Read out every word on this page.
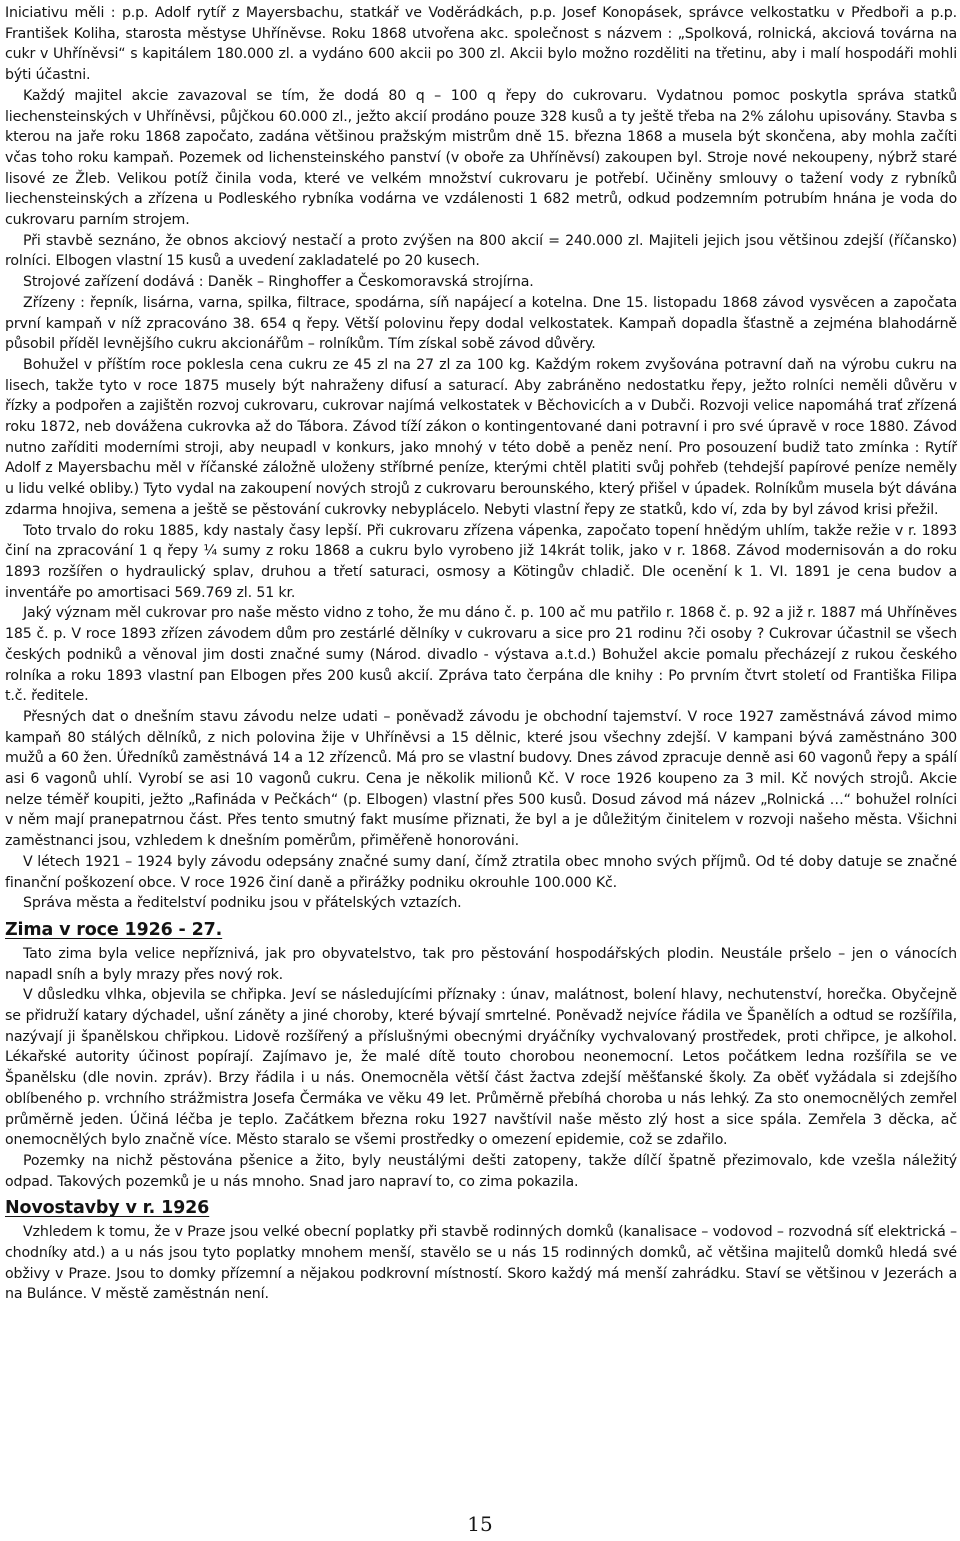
Iniciativu měli : p.p. Adolf rytíř z Mayersbachu, statkář ve Voděrádkách, p.p. Josef Konopásek, správce velkostatku v Předboři a p.p. František Koliha, starosta městyse Uhříněvse. Roku 1868 utvořena akc. společnost s názvem : „Spolková, rolnická, akciová továrna na cukr v Uhříněvsi“ s kapitálem 180.000 zl. a vydáno 600 akcii po 300 zl. Akcii bylo možno rozděliti na třetinu, aby i malí hospodáři mohli býti účastni.

Každý majitel akcie zavazoval se tím, že dodá 80 q – 100 q řepy do cukrovaru. Vydatnou pomoc poskytla správa statků liechensteinských v Uhříněvsi, půjčkou 60.000 zl., ježto akcií prodáno pouze 328 kusů a ty ještě třeba na 2% zálohu upisovány. Stavba s kterou na jaře roku 1868 započato, zadána většinou pražským mistrům dně 15. března 1868 a musela být skončena, aby mohla začíti včas toho roku kampaň. Pozemek od lichensteinského panství (v oboře za Uhříněvsí) zakoupen byl. Stroje nové nekoupeny, nýbrž staré lisové ze Žleb. Velikou potíž činila voda, které ve velkém množství cukrovaru je potřebí. Učiněny smlouvy o tažení vody z rybníků liechensteinských a zřízena u Podleského rybníka vodárna ve vzdálenosti 1 682 metrů, odkud podzemním potrubím hnána je voda do cukrovaru parním strojem.

Při stavbě seznáno, že obnos akciový nestačí a proto zvýšen na 800 akcií = 240.000 zl. Majiteli jejich jsou většinou zdejší (říčansko) rolníci. Elbogen vlastní 15 kusů a uvedení zakladatelé po 20 kusech.

Strojové zařízení dodává : Daněk – Ringhoffer a Českomoravská strojírna.

Zřízeny : řepník, lisárna, varna, spilka, filtrace, spodárna, síň napájecí a kotelna. Dne 15. listopadu 1868 závod vysvěcen a započata první kampaň v níž zpracováno 38. 654 q řepy. Větší polovinu řepy dodal velkostatek. Kampaň dopadla šťastně a zejména blahodárně působil příděl levnějšího cukru akcionářům – rolníkům. Tím získal sobě závod důvěry.

Bohužel v příštím roce poklesla cena cukru ze 45 zl na 27 zl za 100 kg. Každým rokem zvyšována potravní daň na výrobu cukru na lisech, takže tyto v roce 1875 musely být nahraženy difusí a saturací. Aby zabráněno nedostatku řepy, ježto rolníci neměli důvěru v řízky a podpořen a zajištěn rozvoj cukrovaru, cukrovar najímá velkostatek v Běchovicích a v Dubči. Rozvoji velice napomáhá trať zřízená roku 1872, neb dovážena cukrovka až do Tábora. Závod tíží zákon o kontingentované dani potravní i pro své úpravě v roce 1880. Závod nutno zaříditi moderními stroji, aby neupadl v konkurs, jako mnohý v této době a peněz není. Pro posouzení budiž tato zmínka : Rytíř Adolf z Mayersbachu měl v říčanské záložně uloženy stříbrné peníze, kterými chtěl platiti svůj pohřeb (tehdejší papírové peníze neměly u lidu velké obliby.) Tyto vydal na zakoupení nových strojů z cukrovaru berounského, který přišel v úpadek. Rolníkům musela být dávána zdarma hnojiva, semena a ještě se pěstování cukrovky nebyplácelo. Nebyti vlastní řepy ze statků, kdo ví, zda by byl závod krisi přežil.

Toto trvalo do roku 1885, kdy nastaly časy lepší. Při cukrovaru zřízena vápenka, započato topení hnědým uhlím, takže režie v r. 1893 činí na zpracování 1 q řepy ¼ sumy z roku 1868 a cukru bylo vyrobeno již 14krát tolik, jako v r. 1868. Závod modernisován a do roku 1893 rozšířen o hydraulický splav, druhou a třetí saturaci, osmosy a Kötingův chladič. Dle ocenění k 1. VI. 1891 je cena budov a inventáře po amortisaci 569.769 zl. 51 kr.

Jaký význam měl cukrovar pro naše město vidno z toho, že mu dáno č. p. 100 ač mu patřilo r. 1868 č. p. 92 a již r. 1887 má Uhříněves 185 č. p. V roce 1893 zřízen závodem dům pro zestárlé dělníky v cukrovaru a sice pro 21 rodinu ?či osoby ? Cukrovar účastnil se všech českých podniků a věnoval jim dosti značné sumy (Národ. divadlo - výstava a.t.d.) Bohužel akcie pomalu přecházejí z rukou českého rolníka a roku 1893 vlastní pan Elbogen přes 200 kusů akcií. Zpráva tato čerpána dle knihy : Po prvním čtvrt století od Františka Filipa t.č. ředitele.

Přesných dat o dnešním stavu závodu nelze udati – poněvadž závodu je obchodní tajemství. V roce 1927 zaměstnává závod mimo kampaň 80 stálých dělníků, z nich polovina žije v Uhříněvsi a 15 dělnic, které jsou všechny zdejší. V kampani bývá zaměstnáno 300 mužů a 60 žen. Úředníků zaměstnává 14 a 12 zřízenců. Má pro se vlastní budovy. Dnes závod zpracuje denně asi 60 vagonů řepy a spálí asi 6 vagonů uhlí. Vyrobí se asi 10 vagonů cukru. Cena je několik milionů Kč. V roce 1926 koupeno za 3 mil. Kč nových strojů. Akcie nelze téměř koupiti, ježto „Rafináda v Pečkách“ (p. Elbogen) vlastní přes 500 kusů. Dosud závod má název „Rolnická …“ bohužel rolníci v něm mají pranepatrnou část. Přes tento smutný fakt musíme přiznati, že byl a je důležitým činitelem v rozvoji našeho města. Všichni zaměstnanci jsou, vzhledem k dnešním poměrům, přiměřeně honorováni.

V létech 1921 – 1924 byly závodu odepsány značné sumy daní, čímž ztratila obec mnoho svých příjmů. Od té doby datuje se značné finanční poškození obce. V roce 1926 činí daně a přirážky podniku okrouhle 100.000 Kč.

Správa města a ředitelství podniku jsou v přátelských vztazích.

Zima v roce 1926 - 27.

Tato zima byla velice nepříznivá, jak pro obyvatelstvo, tak pro pěstování hospodářských plodin. Neustále pršelo – jen o vánocích napadl sníh a byly mrazy přes nový rok.

V důsledku vlhka, objevila se chřipka. Jeví se následujícími příznaky : únav, malátnost, bolení hlavy, nechutenství, horečka. Obyčejně se přidruží katary dýchadel, ušní záněty a jiné choroby, které bývají smrtelné. Poněvadž nejvíce řádila ve Španělích a odtud se rozšířila, nazývají ji španělskou chřipkou. Lidově rozšířený a příslušnými obecnými dryáčníky vychvalovaný prostředek, proti chřipce, je alkohol. Lékařské autority účinost popírají. Zajímavo je, že malé dítě touto chorobou neonemocní. Letos počátkem ledna rozšířila se ve Španělsku (dle novin. zpráv). Brzy řádila i u nás. Onemocněla větší část žactva zdejší měšťanské školy. Za oběť vyžádala si zdejšího oblíbeného p. vrchního strážmistra Josefa Čermáka ve věku 49 let. Průměrně přebíhá choroba u nás lehký. Za sto onemocnělých zemřel průměrně jeden. Účiná léčba je teplo. Začátkem března roku 1927 navštívil naše město zlý host a sice spála. Zemřela 3 děcka, ač onemocnělých bylo značně více. Město staralo se všemi prostředky o omezení epidemie, což se zdařilo.

Pozemky na nichž pěstována pšenice a žito, byly neustálými dešti zatopeny, takže dílčí špatně přezimovalo, kde vzešla náležitý odpad. Takových pozemků je u nás mnoho. Snad jaro napraví to, co zima pokazila.

Novostavby v r. 1926

Vzhledem k tomu, že v Praze jsou velké obecní poplatky při stavbě rodinných domků (kanalisace – vodovod – rozvodná síť elektrická – chodníky atd.) a u nás jsou tyto poplatky mnohem menší, stavělo se u nás 15 rodinných domků, ač většina majitelů domků hledá své obživy v Praze. Jsou to domky přízemní a nějakou podkrovní místností. Skoro každý má menší zahrádku. Staví se většinou v Jezerách a na Bulánce. V městě zaměstnán není.

15
